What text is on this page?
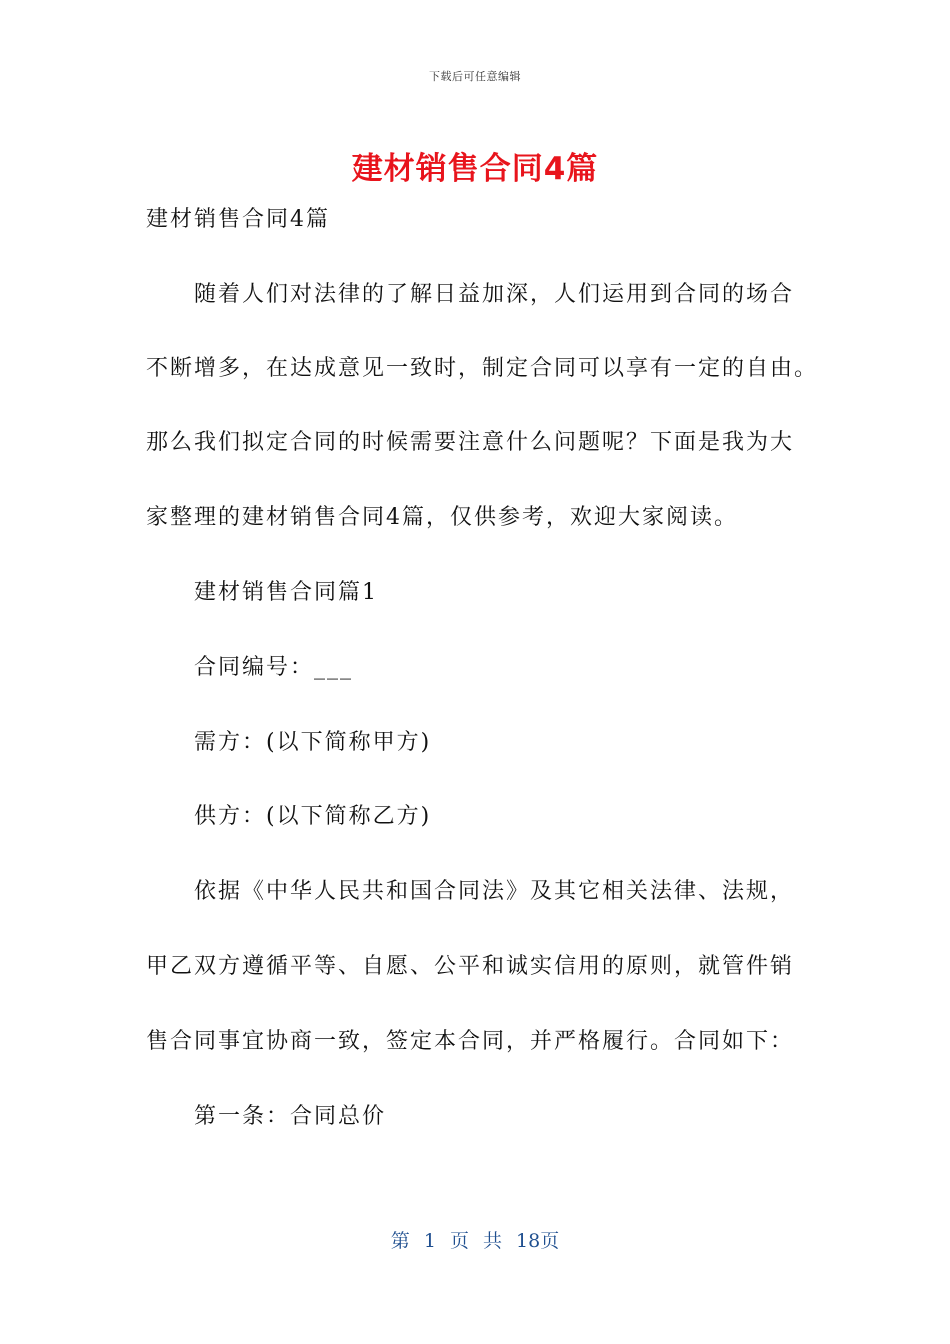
下载后可任意编辑
建材销售合同4篇
建材销售合同4篇
随着人们对法律的了解日益加深，人们运用到合同的场合
不断增多，在达成意见一致时，制定合同可以享有一定的自由。
那么我们拟定合同的时候需要注意什么问题呢？下面是我为大
家整理的建材销售合同4篇，仅供参考，欢迎大家阅读。
建材销售合同篇1
合同编号：___
需方：(以下简称甲方)
供方：(以下简称乙方)
依据《中华人民共和国合同法》及其它相关法律、法规，
甲乙双方遵循平等、自愿、公平和诚实信用的原则，就管件销
售合同事宜协商一致，签定本合同，并严格履行。合同如下：
第一条：合同总价
第 1 页 共 18页
